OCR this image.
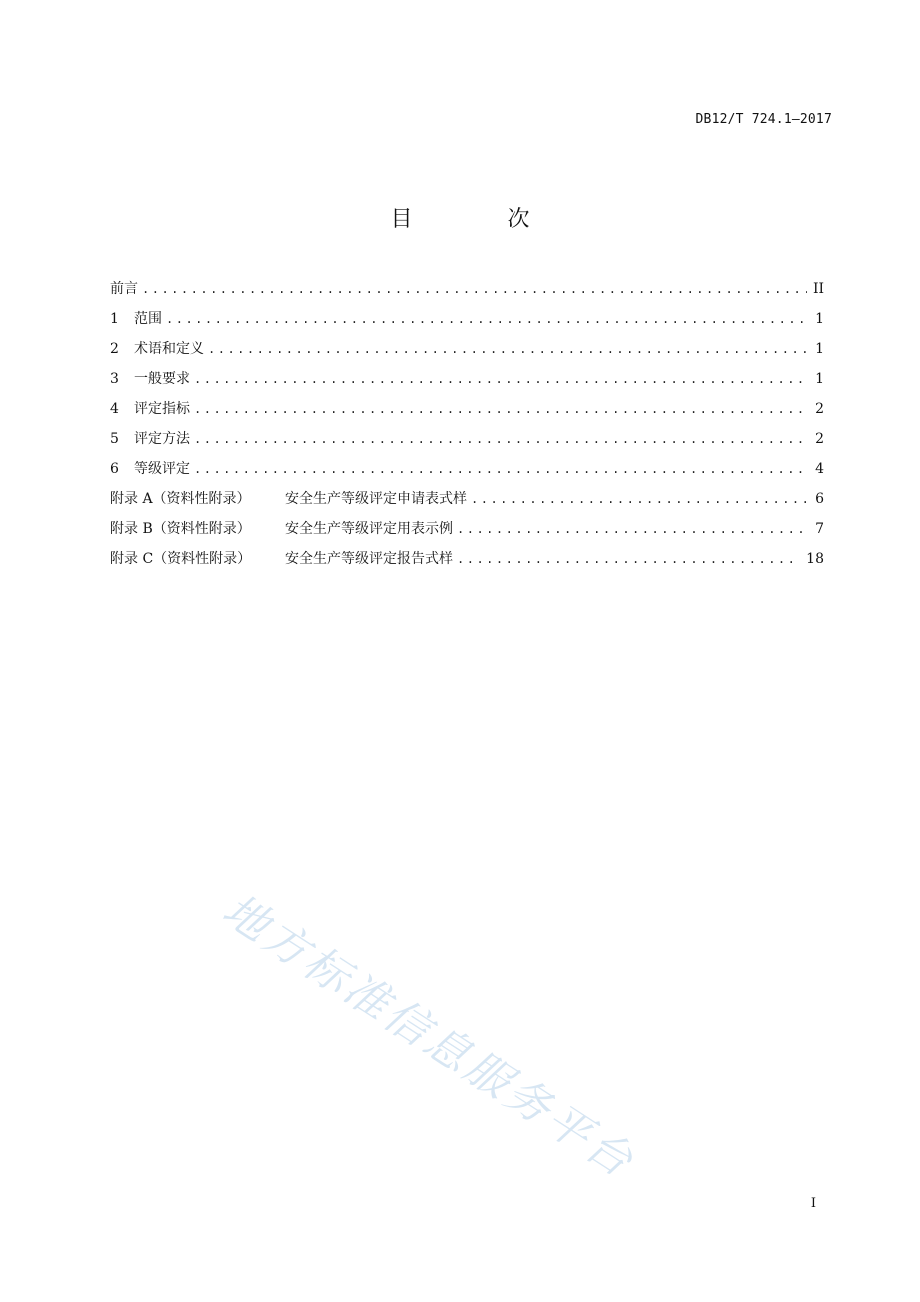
DB12/T 724.1—2017
目 次
前言 .....	II
1	范围 .....	1
2	术语和定义 .....	1
3	一般要求 .....	1
4	评定指标 .....	2
5	评定方法 .....	2
6	等级评定 .....	4
附录 A（资料性附录）	安全生产等级评定申请表式样 .....	6
附录 B（资料性附录）	安全生产等级评定用表示例 .....	7
附录 C（资料性附录）	安全生产等级评定报告式样 .....	18
地方标准信息服务平台
I
